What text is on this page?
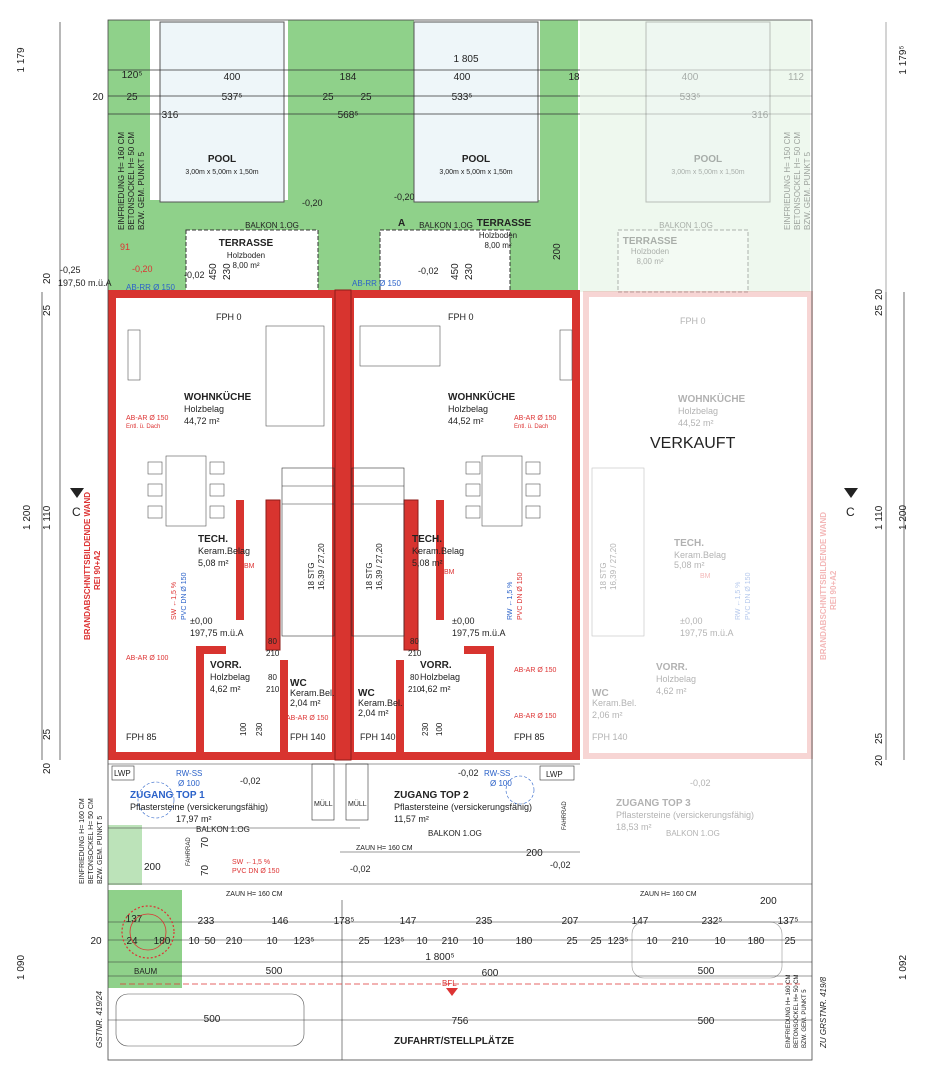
POOL
3,00m x 5,00m x 1,50m
POOL
3,00m x 5,00m x 1,50m
POOL
3,00m x 5,00m x 1,50m
1 805
120⁵	400	184	400	18	400	112
20 25	537⁵	25	25	533⁵	533⁵
316	568⁵	316
1 179	1 179⁵
EINFRIEDUNG H= 160 CM BETONSOCKEL H= 50 CM BZW. GEM. PUNKT 5	EINFRIEDUNG H= 150 CM BETONSOCKEL H= 50 CM BZW. GEM. PUNKT 5
BALKON 1.OG
TERRASSE
Holzboden
8,00 m²
BALKON 1.OG TERRASSE
Holzboden
8,00 m²
BALKON 1.OG
TERRASSE
Holzboden
8,00 m²
-0,20
-0,20
-0,20
-0,02	-0,02
-0,25
197,50 m.ü.A
91
450 230	450 230
200
AB-RR Ø 150	AB-RR Ø 150
A
18 STG 16,39 / 27,20	18 STG 16,39 / 27,20
WOHNKÜCHE
Holzbelag
44,72 m²
TECH.
Keram.Belag
5,08 m² BM
±0,00
197,75 m.ü.A
VORR.
Holzbelag
4,62 m²	WC
Keram.Bel.
2,04 m²
FPH 0
FPH 85	FPH 140
SW ←1,5 % PVC DN Ø 150
AB-AR Ø 150
Entl. ü. Dach
AB-AR Ø 100
AB-AR Ø 150
WOHNKÜCHE
Holzbelag
44,52 m²
TECH.
Keram.Belag
5,08 m²
BM
±0,00
197,75 m.ü.A
VORR.
Holzbelag
4,62 m²
WC
Keram.Bel.
2,04 m²
FPH 0
FPH 85
FPH 140
RW ←1,5 % PVC DN Ø 150
AB-AR Ø 150
Entl. ü. Dach
AB-AR Ø 150
AB-AR Ø 150
WOHNKÜCHE
Holzbelag
44,52 m²
TECH.
Keram.Belag
5,08 m²
BM
±0,00
197,75 m.ü.A
VORR.
Holzbelag
4,62 m²
WC
Keram.Bel.
2,06 m²
18 STG 16,39 / 27,20
RW ←1,5 % PVC DN Ø 150
FPH 0
FPH 140
VERKAUFT
BRANDABSCHNITTSBILDENDE WAND REI 90+A2	BRANDABSCHNITTSBILDENDE WAND REI 90+A2
C	C
1 200 1 110	1 110 1 200
25
20
25
20
25
20
25
20
80
210
80
210
80
210
80
210
100 230	100
230
LWP	LWP
MÜLL MÜLL
FAHRRAD
FAHRRAD
ZUGANG TOP 1
Pflastersteine (versickerungsfähig)
17,97 m²
ZUGANG TOP 2
Pflastersteine (versickerungsfähig)
11,57 m²
ZUGANG TOP 3
Pflastersteine (versickerungsfähig)
18,53 m²
RW-SS
Ø 100
RW-SS
Ø 100
-0,02
-0,02
-0,02	-0,02
-0,02
BALKON 1.OG	BALKON 1.OG	BALKON 1.OG
SW ←1,5 %
PVC DN Ø 150
ZAUN H= 160 CM
ZAUN H= 160 CM	ZAUN H= 160 CM
200
200
200
70
70
EINFRIEDUNG H= 160 CM BETONSOCKEL H= 50 CM BZW. GEM. PUNKT 5
233	146	178⁵	147	235	207	147	232⁵	137⁵
20
137
24 180 10 50 210 10 123⁵	25 123⁵ 10 210 10	180	25 25 123⁵ 10 210	10 180 25
1 800⁵
600
500	500
500	500
756
1 090	1 092
BAUM
BFL
ZUFAHRT/STELLPLÄTZE
GSTNR. 419/24	ZU GRSTNR. 419/8
EINFRIEDUNG H= 160 CM BETONSOCKEL H= 50 CM BZW. GEM. PUNKT 5
